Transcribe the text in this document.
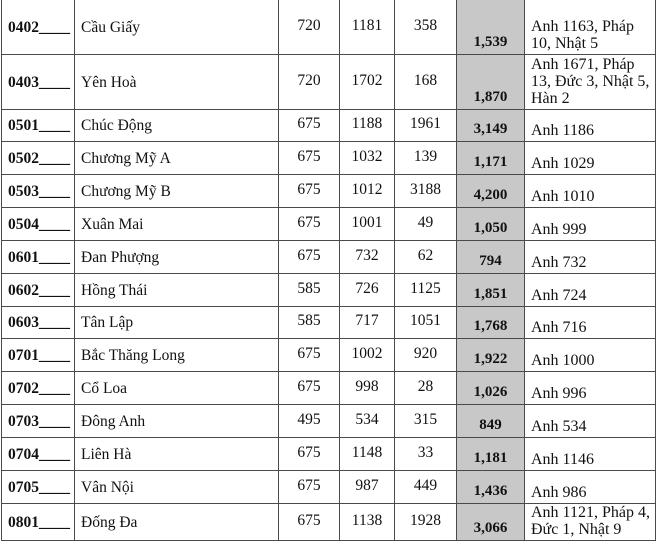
0402____	Cầu Giấy	720	1181	358	1,539	Anh 1163, Pháp 10, Nhật 5
0403____	Yên Hoà	720	1702	168	1,870	Anh 1671, Pháp 13, Đức 3, Nhật 5, Hàn 2
0501____	Chúc Động	675	1188	1961	3,149	Anh 1186
0502____	Chương Mỹ A	675	1032	139	1,171	Anh 1029
0503____	Chương Mỹ B	675	1012	3188	4,200	Anh 1010
0504____	Xuân Mai	675	1001	49	1,050	Anh 999
0601____	Đan Phượng	675	732	62	794	Anh 732
0602____	Hồng Thái	585	726	1125	1,851	Anh 724
0603____	Tân Lập	585	717	1051	1,768	Anh 716
0701____	Bắc Thăng Long	675	1002	920	1,922	Anh 1000
0702____	Cổ Loa	675	998	28	1,026	Anh 996
0703____	Đông Anh	495	534	315	849	Anh 534
0704____	Liên Hà	675	1148	33	1,181	Anh 1146
0705____	Vân Nội	675	987	449	1,436	Anh 986
0801____	Đống Đa	675	1138	1928	3,066	Anh 1121, Pháp 4, Đức 1, Nhật 9
